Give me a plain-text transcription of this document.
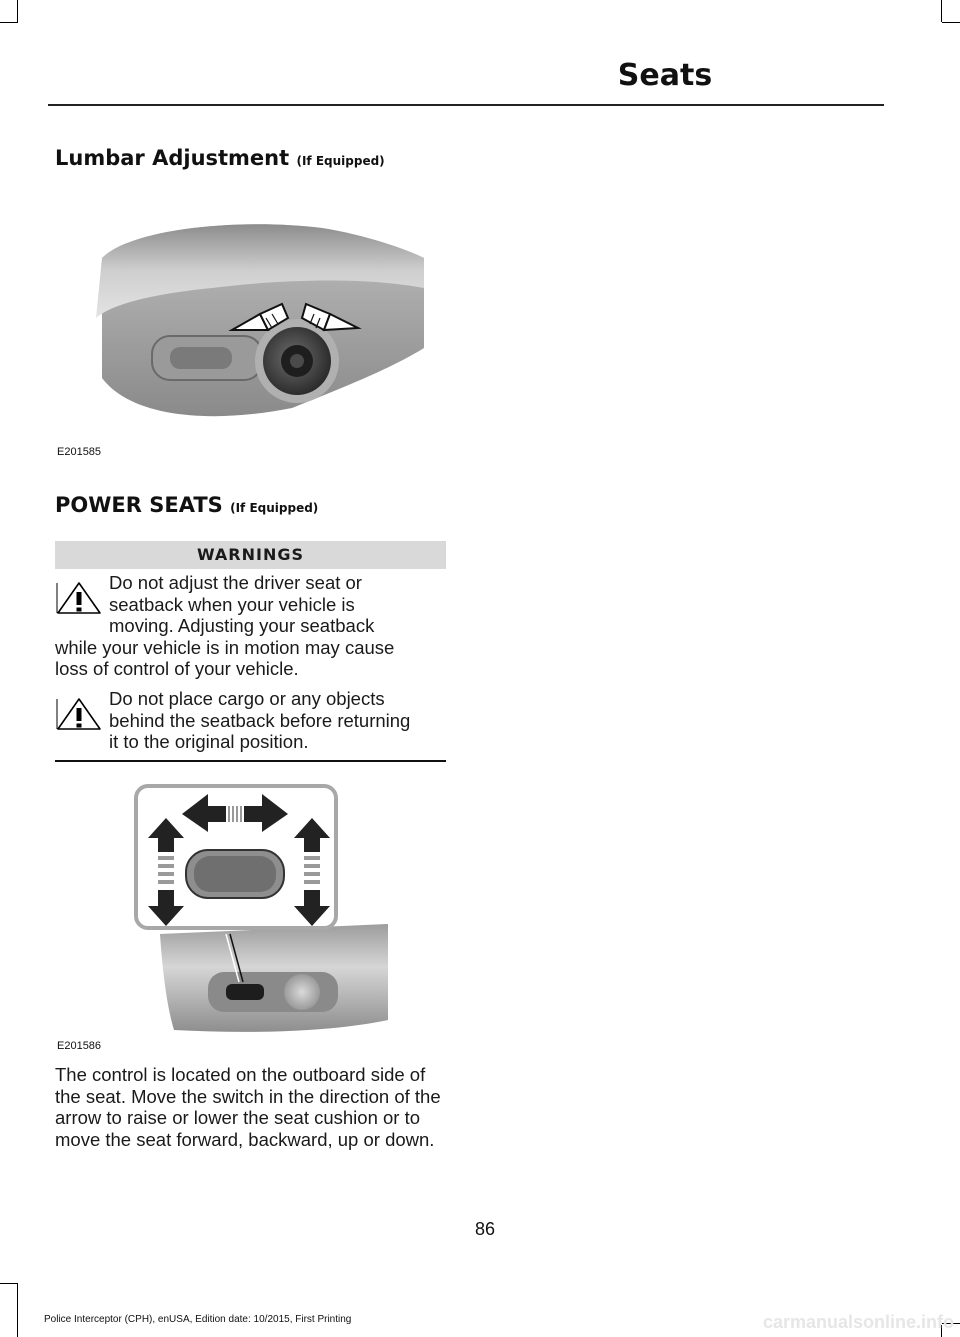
Seats
Lumbar Adjustment (If Equipped)
E201585
POWER SEATS (If Equipped)
WARNINGS
Do not adjust the driver seat or
seatback when your vehicle is
moving. Adjusting your seatback
while your vehicle is in motion may cause
loss of control of your vehicle.
Do not place cargo or any objects
behind the seatback before returning
it to the original position.
E201586
The control is located on the outboard side of the seat. Move the switch in the direction of the arrow to raise or lower the seat cushion or to move the seat forward, backward, up or down.
86
Police Interceptor (CPH), enUSA, Edition date: 10/2015, First Printing	carmanualsonline.info
